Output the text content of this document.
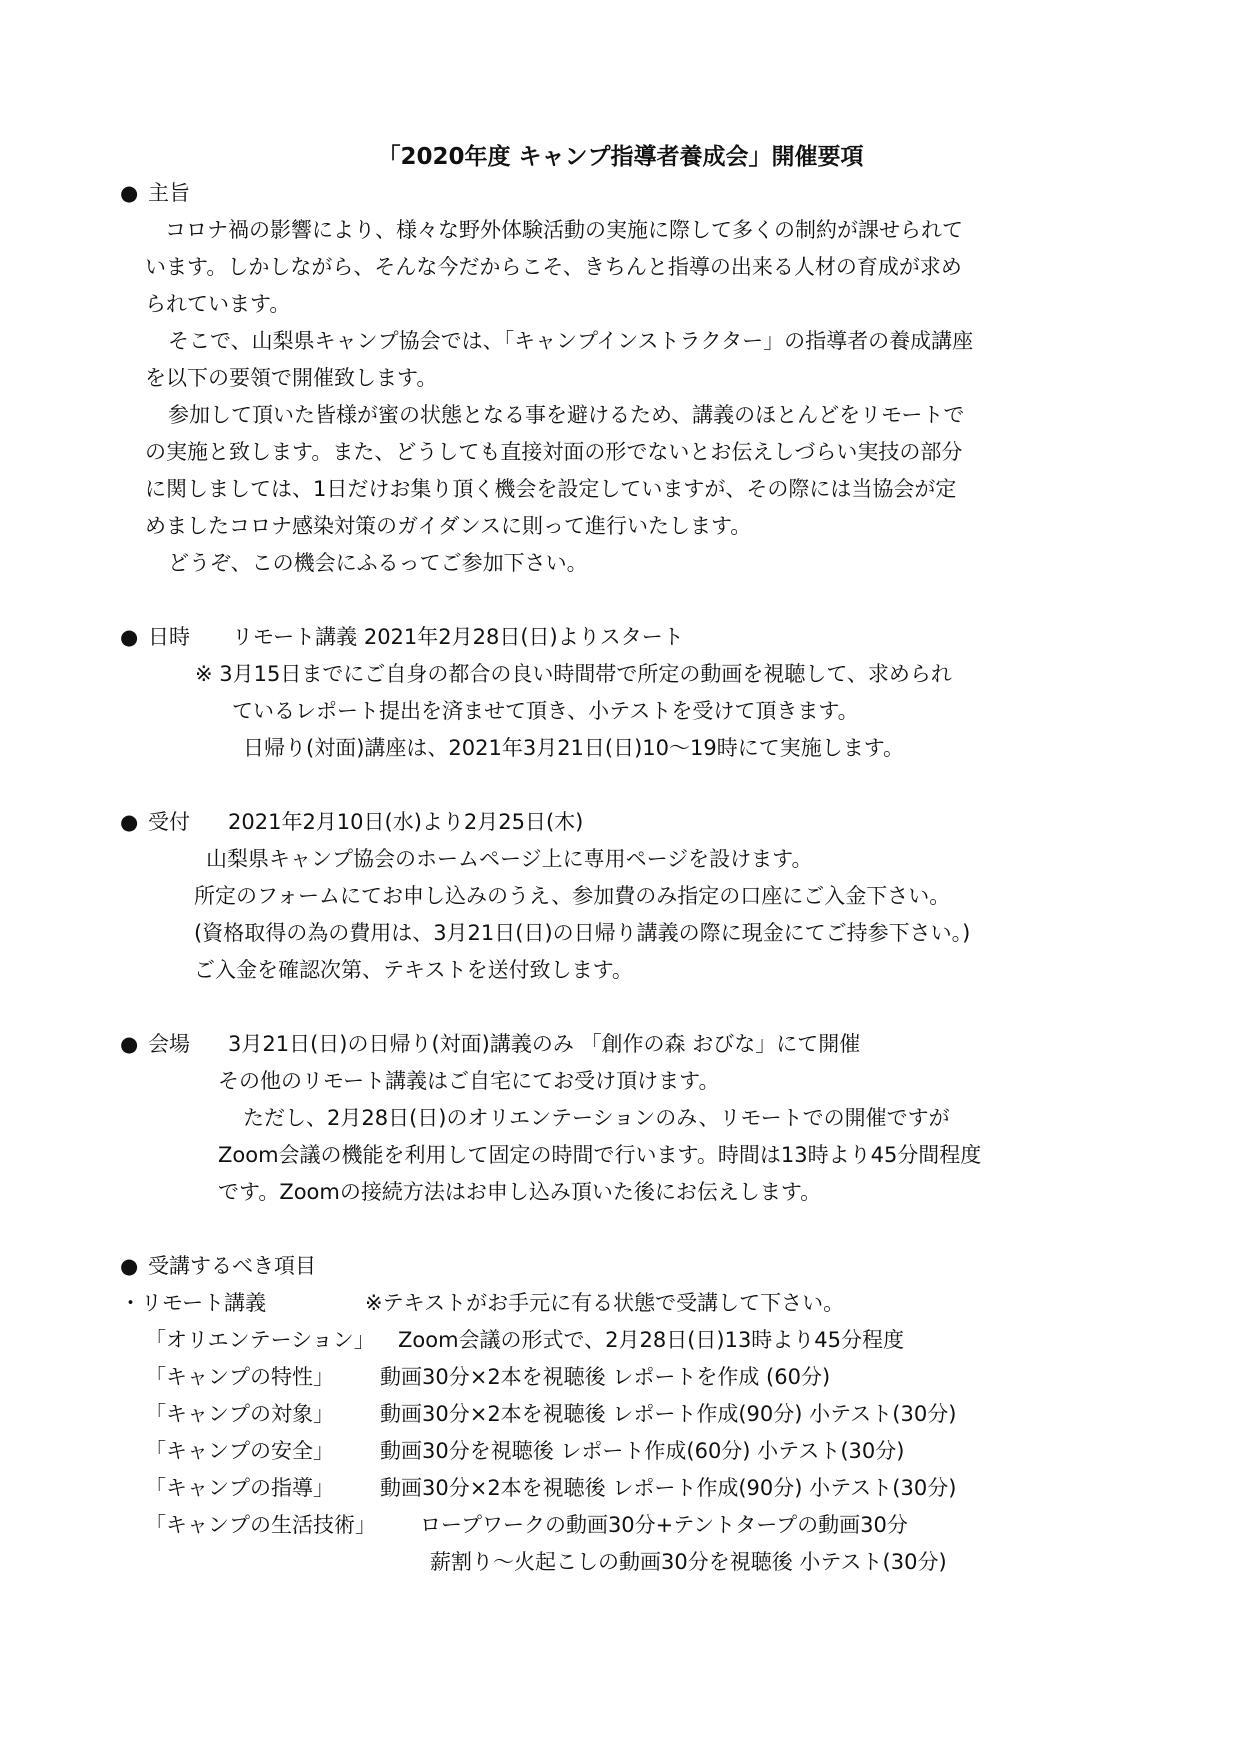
「2020年度 キャンプ指導者養成会」開催要項
● 主旨
コロナ禍の影響により、様々な野外体験活動の実施に際して多くの制約が課せられて
います。しかしながら、そんな今だからこそ、きちんと指導の出来る人材の育成が求め
られています。
そこで、山梨県キャンプ協会では、「キャンプインストラクター」の指導者の養成講座
を以下の要領で開催致します。
参加して頂いた皆様が蜜の状態となる事を避けるため、講義のほとんどをリモートで
の実施と致します。また、どうしても直接対面の形でないとお伝えしづらい実技の部分
に関しましては、1日だけお集り頂く機会を設定していますが、その際には当協会が定
めましたコロナ感染対策のガイダンスに則って進行いたします。
どうぞ、この機会にふるってご参加下さい。
● 日時 リモート講義 2021年2月28日(日)よりスタート
※ 3月15日までにご自身の都合の良い時間帯で所定の動画を視聴して、求められ
ているレポート提出を済ませて頂き、小テストを受けて頂きます。
日帰り(対面)講座は、2021年3月21日(日)10〜19時にて実施します。
● 受付 2021年2月10日(水)より2月25日(木)
山梨県キャンプ協会のホームページ上に専用ページを設けます。
所定のフォームにてお申し込みのうえ、参加費のみ指定の口座にご入金下さい。
(資格取得の為の費用は、3月21日(日)の日帰り講義の際に現金にてご持参下さい。)
ご入金を確認次第、テキストを送付致します。
● 会場 3月21日(日)の日帰り(対面)講義のみ 「創作の森 おびな」にて開催
その他のリモート講義はご自宅にてお受け頂けます。
ただし、2月28日(日)のオリエンテーションのみ、リモートでの開催ですが
Zoom会議の機能を利用して固定の時間で行います。時間は13時より45分間程度
です。Zoomの接続方法はお申し込み頂いた後にお伝えします。
● 受講するべき項目
・リモート講義	※テキストがお手元に有る状態で受講して下さい。
「オリエンテーション」 Zoom会議の形式で、2月28日(日)13時より45分程度
「キャンプの特性」 動画30分×2本を視聴後 レポートを作成 (60分)
「キャンプの対象」 動画30分×2本を視聴後 レポート作成(90分) 小テスト(30分)
「キャンプの安全」 動画30分を視聴後 レポート作成(60分) 小テスト(30分)
「キャンプの指導」 動画30分×2本を視聴後 レポート作成(90分) 小テスト(30分)
「キャンプの生活技術」 ロープワークの動画30分+テントタープの動画30分
薪割り〜火起こしの動画30分を視聴後 小テスト(30分)
